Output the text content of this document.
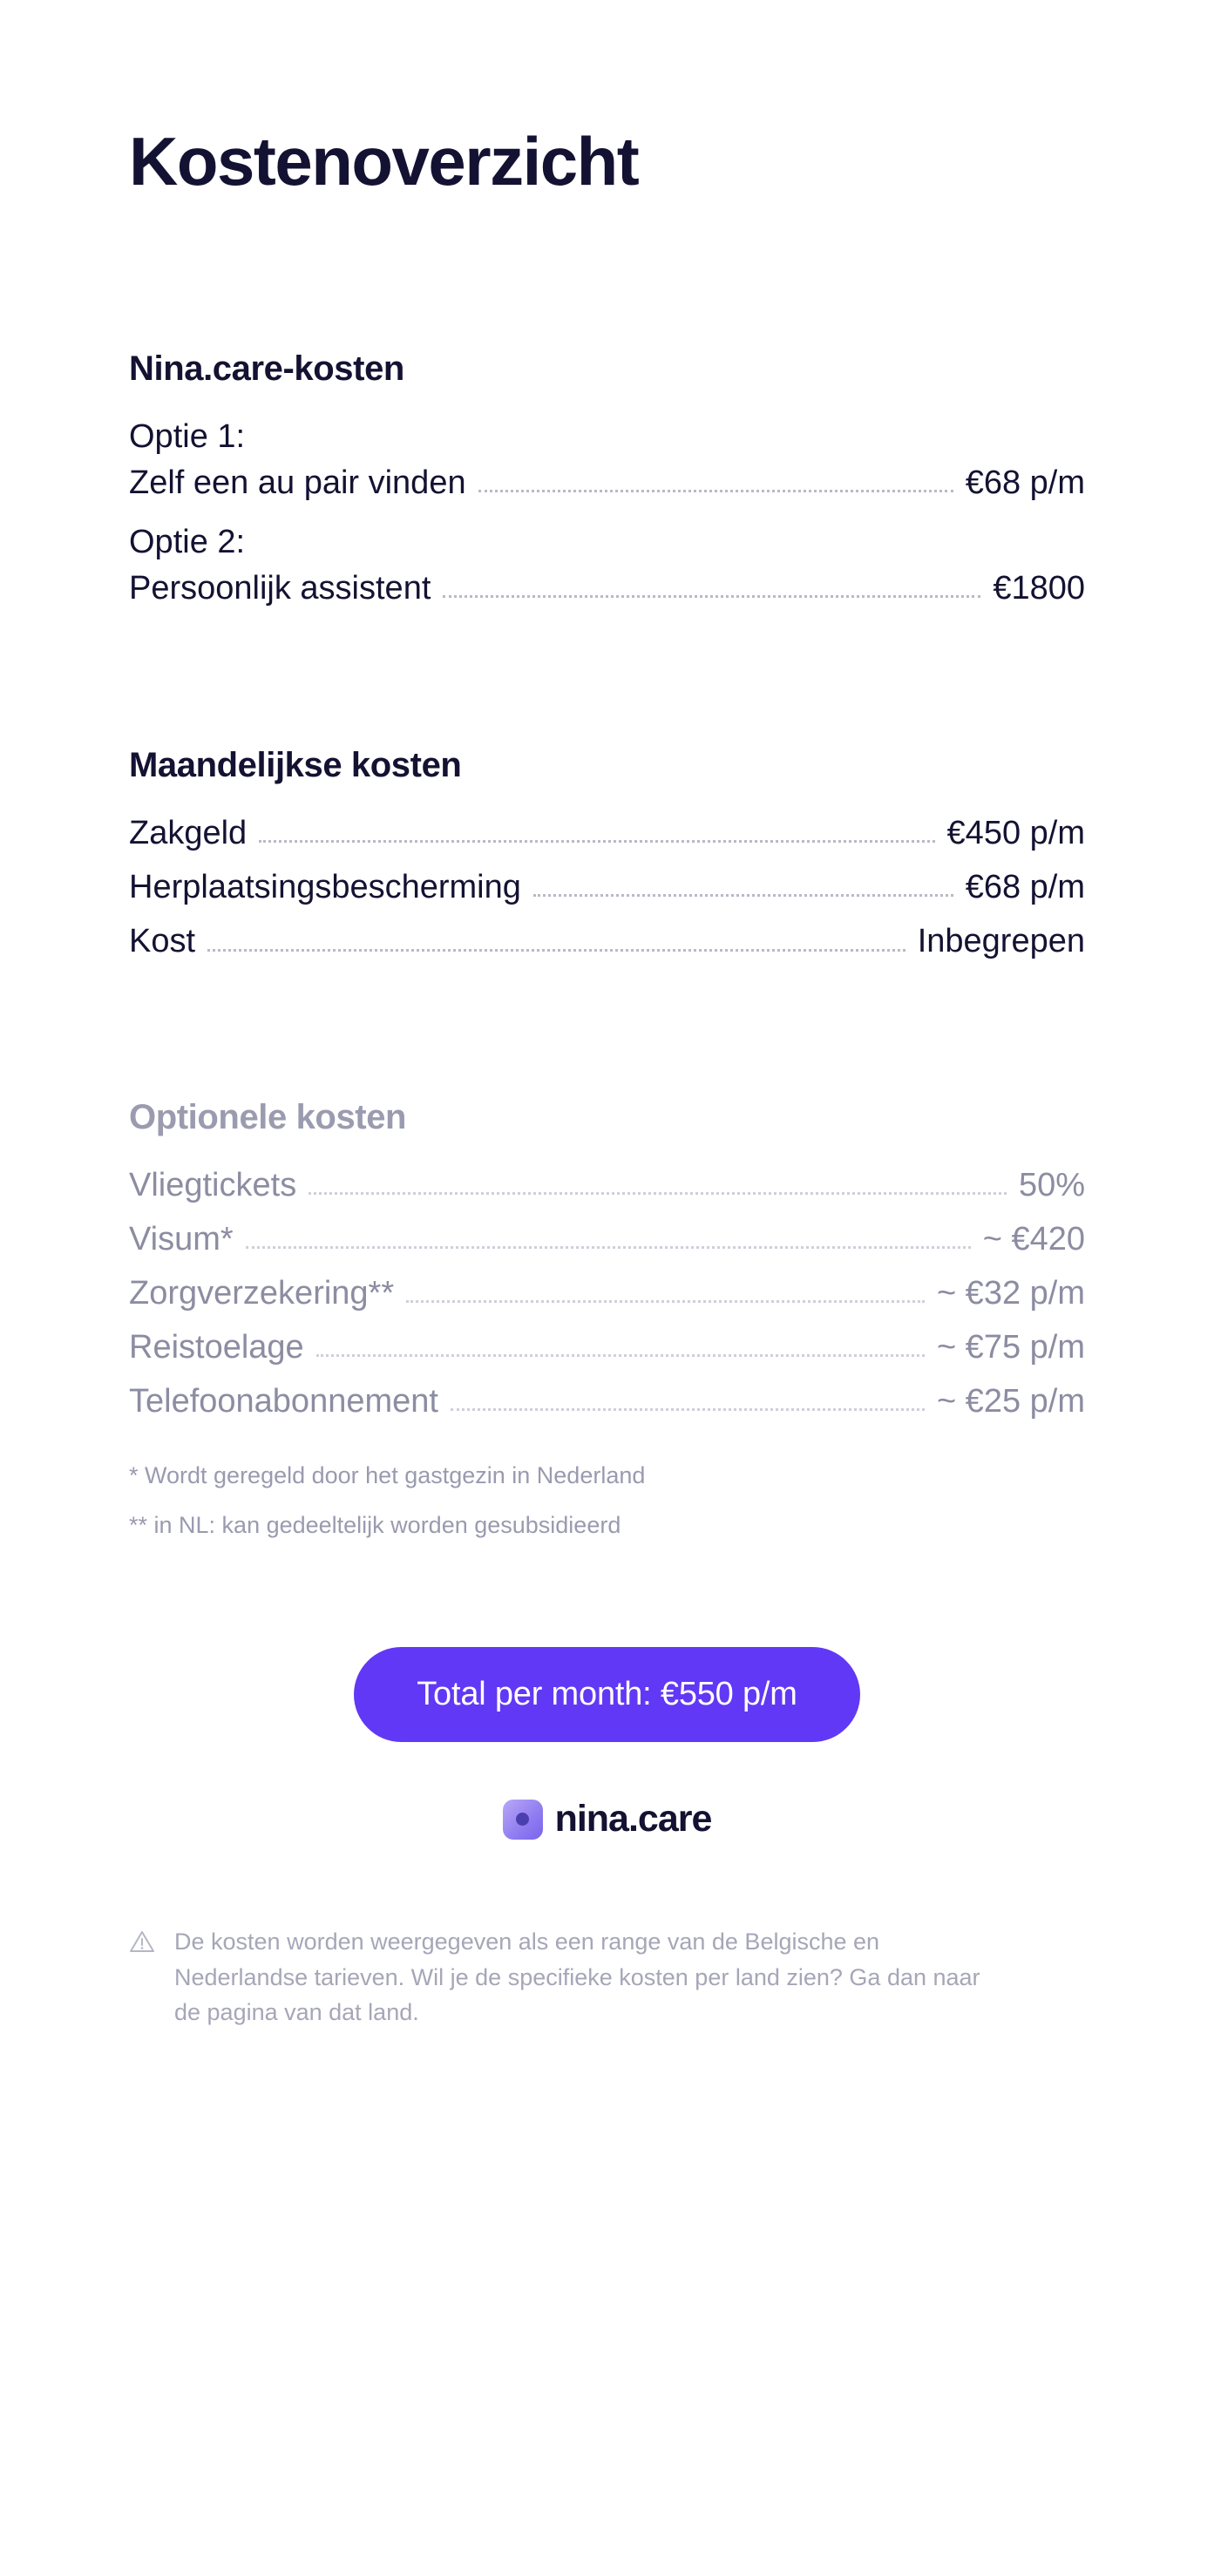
Kostenoverzicht
Nina.care-kosten
Optie 1:
Zelf een au pair vinden	€68 p/m
Optie 2:
Persoonlijk assistent	€1800
Maandelijkse kosten
Zakgeld	€450 p/m
Herplaatsingsbescherming	€68 p/m
Kost	Inbegrepen
Optionele kosten
Vliegtickets	50%
Visum*	~ €420
Zorgverzekering**	~ €32 p/m
Reistoelage	~ €75 p/m
Telefoonabonnement	~ €25 p/m
* Wordt geregeld door het gastgezin in Nederland
** in NL: kan gedeeltelijk worden gesubsidieerd
Total per month: €550 p/m
nina.care
De kosten worden weergegeven als een range van de Belgische en Nederlandse tarieven. Wil je de specifieke kosten per land zien? Ga dan naar de pagina van dat land.
